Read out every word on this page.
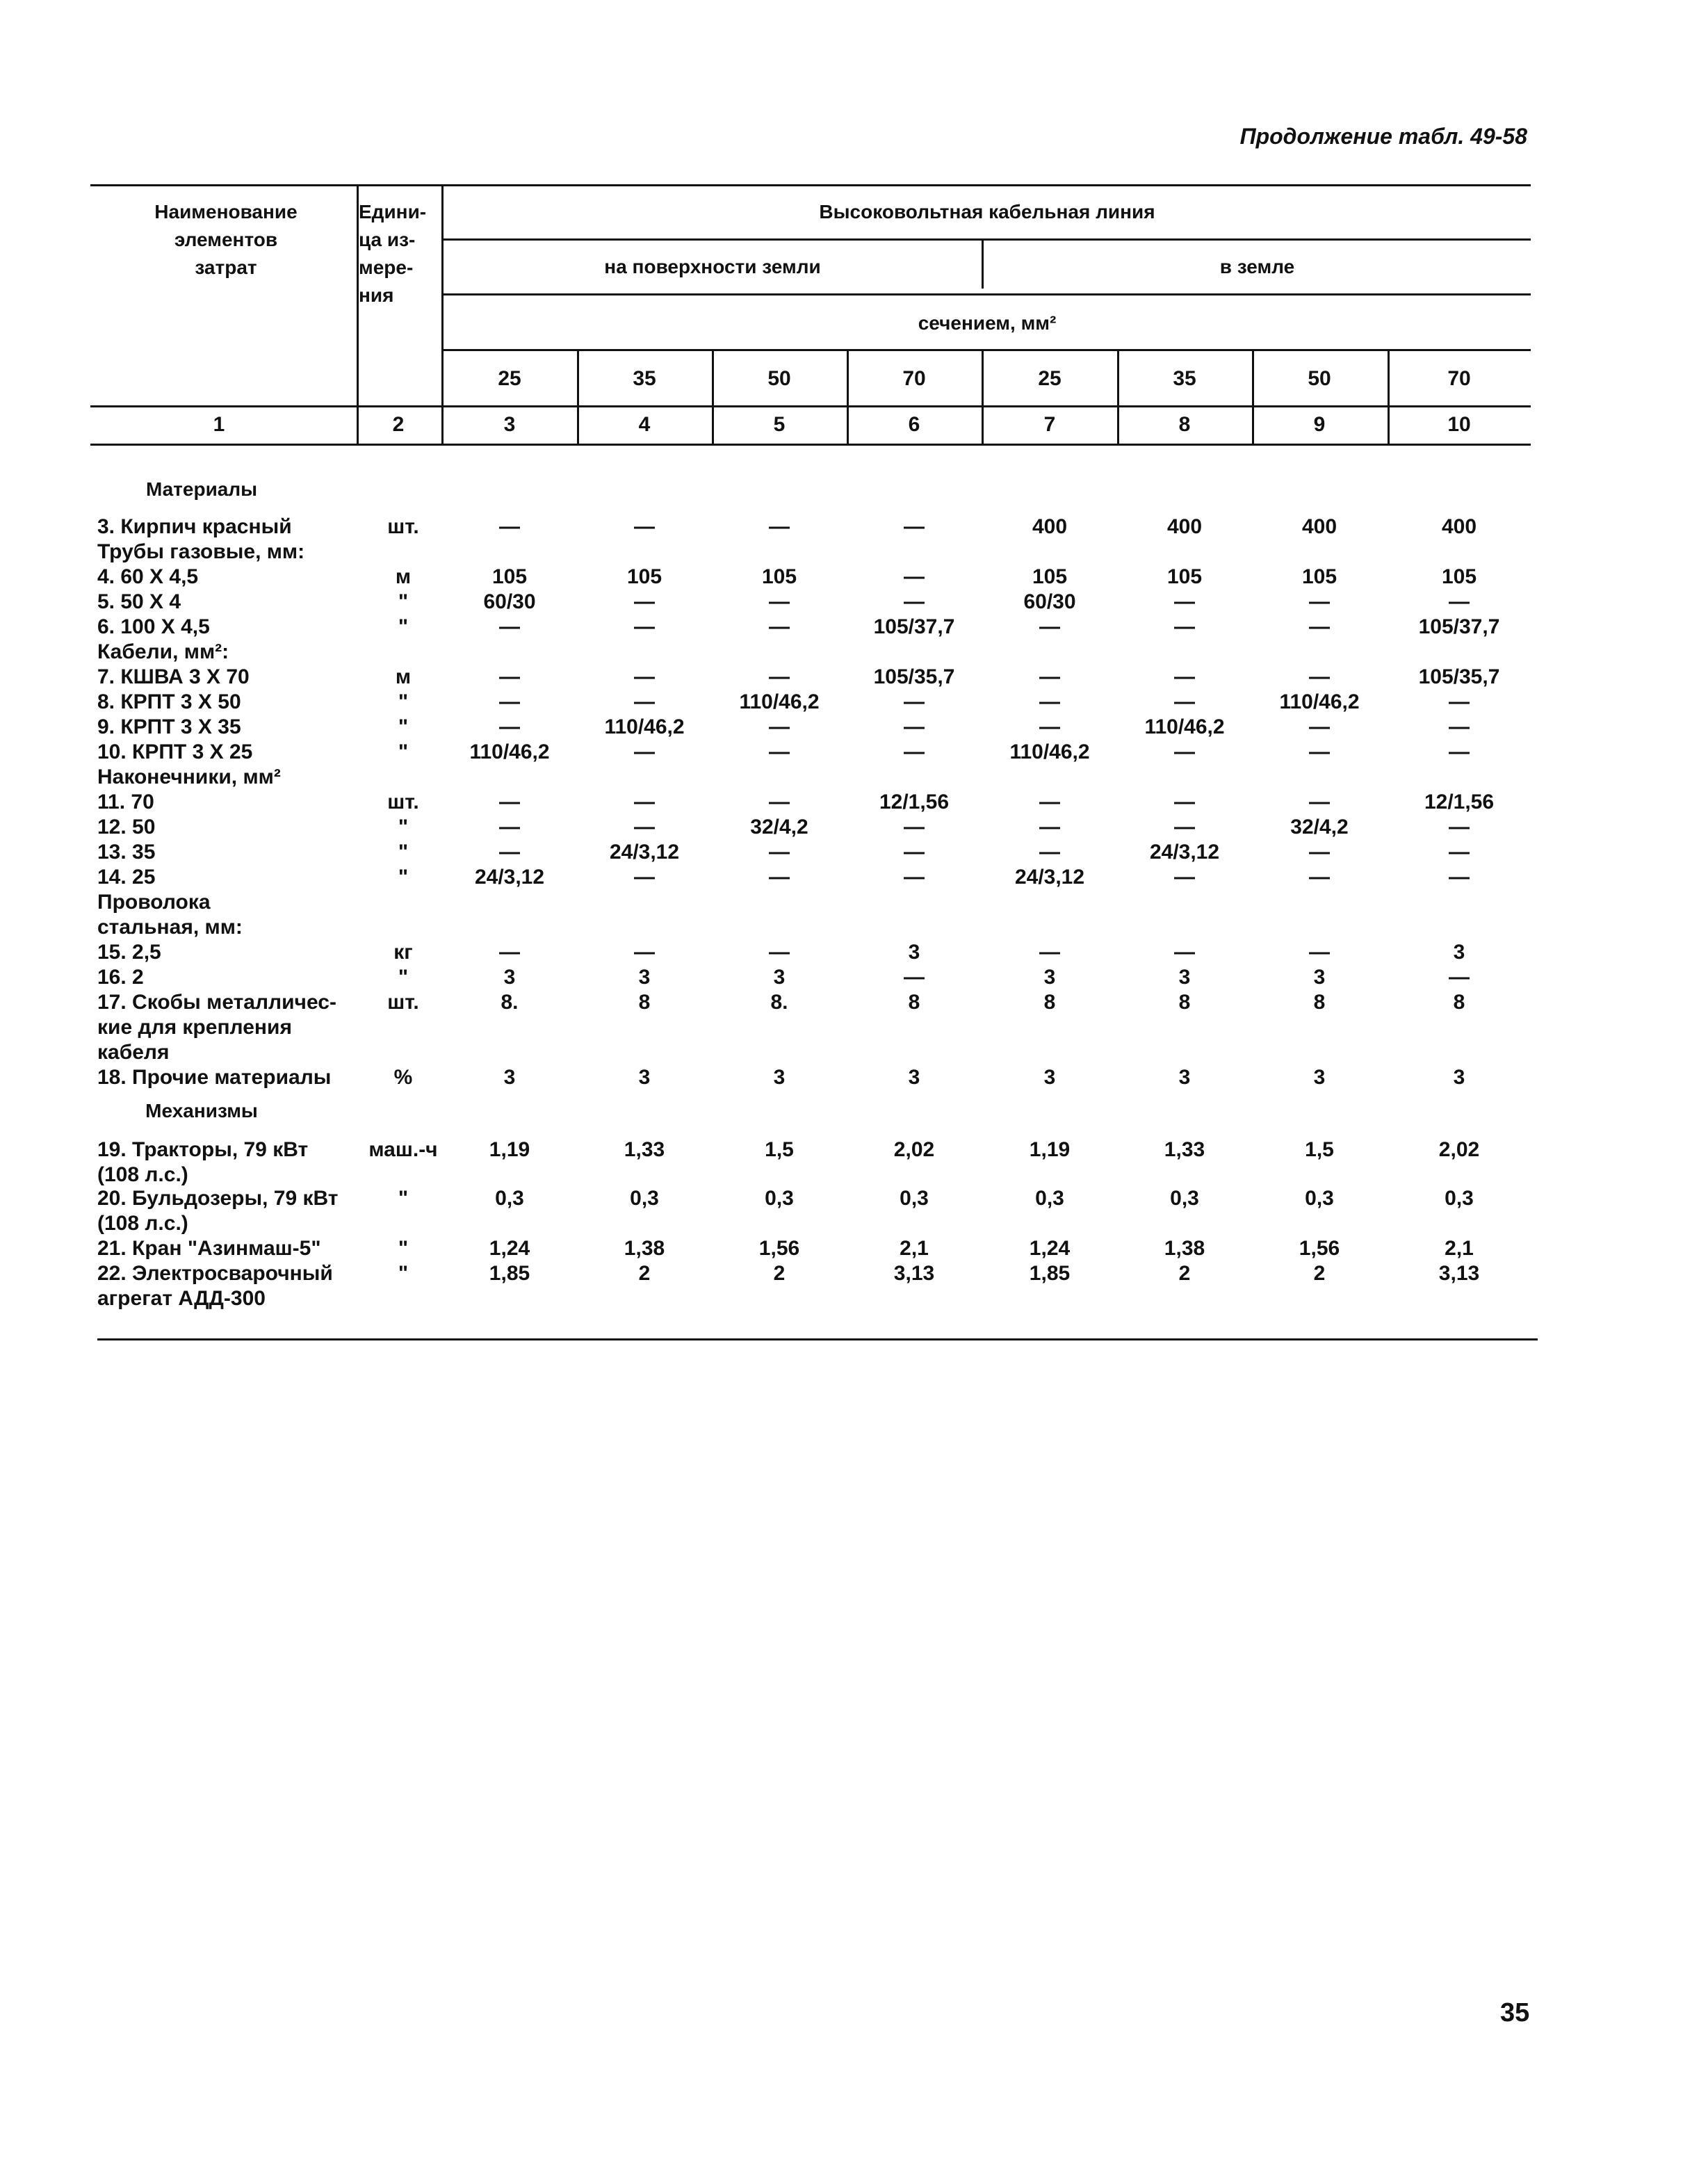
Продолжение табл. 49-58
Наименование
элементов
затрат
Едини-
ца из-
мере-
ния
Высоковольтная кабельная линия
на поверхности земли	в земле
сечением, мм²
25	35	50	70	25	35	50	70
1	2	3	4	5	6	7	8	9	10
Материалы
Механизмы
3. Кирпич красный	шт.	—	—	—	—	400	400	400	400
Трубы газовые, мм:
4. 60 X 4,5	м	105	105	105	—	105	105	105	105
5. 50 X 4	"	60/30	—	—	—	60/30	—	—	—
6. 100 X 4,5	"	—	—	—	105/37,7	—	—	—	105/37,7
Кабели, мм²:
7. КШВА 3 X 70	м	—	—	—	105/35,7	—	—	—	105/35,7
8. КРПТ 3 X 50	"	—	—	110/46,2	—	—	—	110/46,2	—
9. КРПТ 3 X 35	"	—	110/46,2	—	—	—	110/46,2	—	—
10. КРПТ 3 X 25	"	110/46,2	—	—	—	110/46,2	—	—	—
Наконечники, мм²
11. 70	шт.	—	—	—	12/1,56	—	—	—	12/1,56
12. 50	"	—	—	32/4,2	—	—	—	32/4,2	—
13. 35	"	—	24/3,12	—	—	—	24/3,12	—	—
14. 25	"	24/3,12	—	—	—	24/3,12	—	—	—
Проволока
стальная, мм:
15. 2,5	кг	—	—	—	3	—	—	—	3
16. 2	"	3	3	3	—	3	3	3	—
17. Скобы металличес-
кие для крепления
кабеля
шт.	8.	8	8.	8	8	8	8	8
18. Прочие материалы	%	3	3	3	3	3	3	3	3
19. Тракторы, 79 кВт
(108 л.с.)
маш.-ч	1,19	1,33	1,5	2,02	1,19	1,33	1,5	2,02
20. Бульдозеры, 79 кВт
(108 л.с.)
"	0,3	0,3	0,3	0,3	0,3	0,3	0,3	0,3
21. Кран "Азинмаш-5"	"	1,24	1,38	1,56	2,1	1,24	1,38	1,56	2,1
22. Электросварочный
агрегат АДД-300
"	1,85	2	2	3,13	1,85	2	2	3,13
35
